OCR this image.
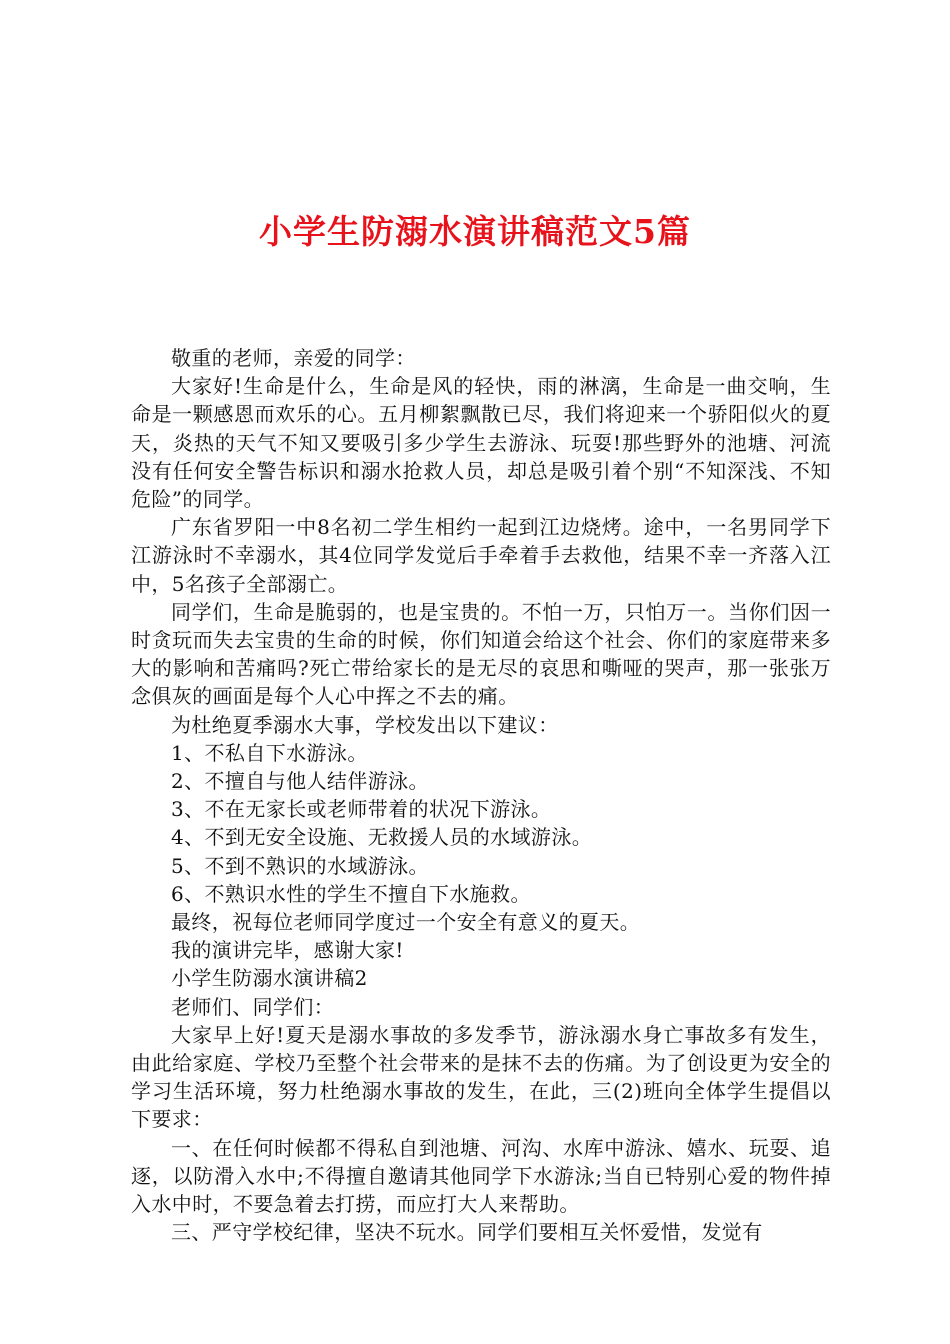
小学生防溺水演讲稿范文5篇

敬重的老师，亲爱的同学：

大家好!生命是什么，生命是风的轻快，雨的淋漓，生命是一曲交响，生命是一颗感恩而欢乐的心。五月柳絮飘散已尽，我们将迎来一个骄阳似火的夏天，炎热的天气不知又要吸引多少学生去游泳、玩耍!那些野外的池塘、河流没有任何安全警告标识和溺水抢救人员，却总是吸引着个别“不知深浅、不知危险”的同学。

广东省罗阳一中8名初二学生相约一起到江边烧烤。途中，一名男同学下江游泳时不幸溺水，其4位同学发觉后手牵着手去救他，结果不幸一齐落入江中，5名孩子全部溺亡。

同学们，生命是脆弱的，也是宝贵的。不怕一万，只怕万一。当你们因一时贪玩而失去宝贵的生命的时候，你们知道会给这个社会、你们的家庭带来多大的影响和苦痛吗?死亡带给家长的是无尽的哀思和嘶哑的哭声，那一张张万念俱灰的画面是每个人心中挥之不去的痛。

为杜绝夏季溺水大事，学校发出以下建议：

1、不私自下水游泳。

2、不擅自与他人结伴游泳。

3、不在无家长或老师带着的状况下游泳。

4、不到无安全设施、无救援人员的水域游泳。

5、不到不熟识的水域游泳。

6、不熟识水性的学生不擅自下水施救。

最终，祝每位老师同学度过一个安全有意义的夏天。

我的演讲完毕，感谢大家!

小学生防溺水演讲稿2

老师们、同学们：

大家早上好!夏天是溺水事故的多发季节，游泳溺水身亡事故多有发生，由此给家庭、学校乃至整个社会带来的是抹不去的伤痛。为了创设更为安全的学习生活环境，努力杜绝溺水事故的发生，在此，三(2)班向全体学生提倡以下要求：

一、在任何时候都不得私自到池塘、河沟、水库中游泳、嬉水、玩耍、追逐，以防滑入水中;不得擅自邀请其他同学下水游泳;当自已特别心爱的物件掉入水中时，不要急着去打捞，而应打大人来帮助。

三、严守学校纪律，坚决不玩水。同学们要相互关怀爱惜，发觉有
